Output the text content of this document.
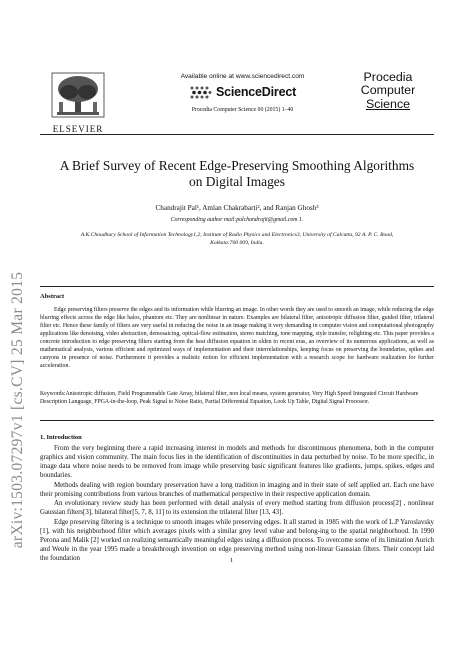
arXiv:1503.07297v1 [cs.CV] 25 Mar 2015
ELSEVIER
Available online at www.sciencedirect.com
ScienceDirect
Procedia Computer Science 00 (2015) 1–40
Procedia
Computer
Science
A Brief Survey of Recent Edge-Preserving Smoothing Algorithms
on Digital Images
Chandrajit Pal¹, Amlan Chakrabarti², and Ranjan Ghosh³
Corresponding author mail:palchandrajit@gmail.com 1.
A.K.Choudhury School of Information Technology1,2, Institute of Radio Physics and Electronics3, University of Calcutta, 92 A. P. C. Road,
Kolkata:700 009, India.
Abstract
Edge preserving filters preserve the edges and its information while blurring an image. In other words they are used to smooth an image, while reducing the edge blurring effects across the edge like halos, phantom etc. They are nonlinear in nature. Examples are bilateral filter, anisotropic diffusion filter, guided filter, trilateral filter etc. Hence these family of filters are very useful in reducing the noise in an image making it very demanding in computer vision and computational photography applications like denoising, video abstraction, demosaicing, optical-flow estimation, stereo matching, tone mapping, style transfer, relighting etc. This paper provides a concrete introduction to edge preserving filters starting from the heat diffusion equation in olden to recent eras, an overview of its numerous applications, as well as mathematical analysis, various efficient and optimized ways of implementation and their interrelationships, keeping focus on preserving the boundaries, spikes and canyons in presence of noise. Furthermore it provides a realistic notion for efficient implementation with a research scope for hardware realization for further acceleration.
Keywords:Anisotropic diffusion, Field Programmable Gate Array, bilateral filter, non local means, system generator, Very High Speed Integrated Circuit Hardware Description Language, FPGA-in-the-loop, Peak Signal to Noise Ratio, Partial Differential Equation, Look Up Table, Digital Signal Processor.
1. Introduction

From the very beginning there a rapid increasing interest in models and methods for discontinuous phenomena, both in the computer graphics and vision community. The main focus lies in the identification of discontinuities in data perturbed by noise. To be more specific, in image data where noise needs to be removed from image while preserving basic significant features like gradients, jumps, spikes, edges and boundaries.

Methods dealing with region boundary preservation have a long tradition in imaging and in their state of self applied art. Each one have their promising contributions from various branches of mathematical perspective in their respective application domain.

An evolutionary review study has been performed with detail analysis of every method starting from diffusion process[2] , nonlinear Gaussian filters[3], bilateral filter[5, 7, 8, 11] to its extension the trilateral filter [13, 43].

Edge preserving filtering is a technique to smooth images while preserving edges. It all started in 1985 with the work of L.P Yaroslavsky [1], with his neighborhood filter which averages pixels with a similar grey level value and belong-ing to the spatial neighborhood. In 1990 Perona and Malik [2] worked on realizing semantically meaningful edges using a diffusion process. To overcome some of its limitation Aurich and Weule in the year 1995 made a breakthrough invention on edge preserving method using non-linear Gaussian filters. Their concept laid the foundation	1
